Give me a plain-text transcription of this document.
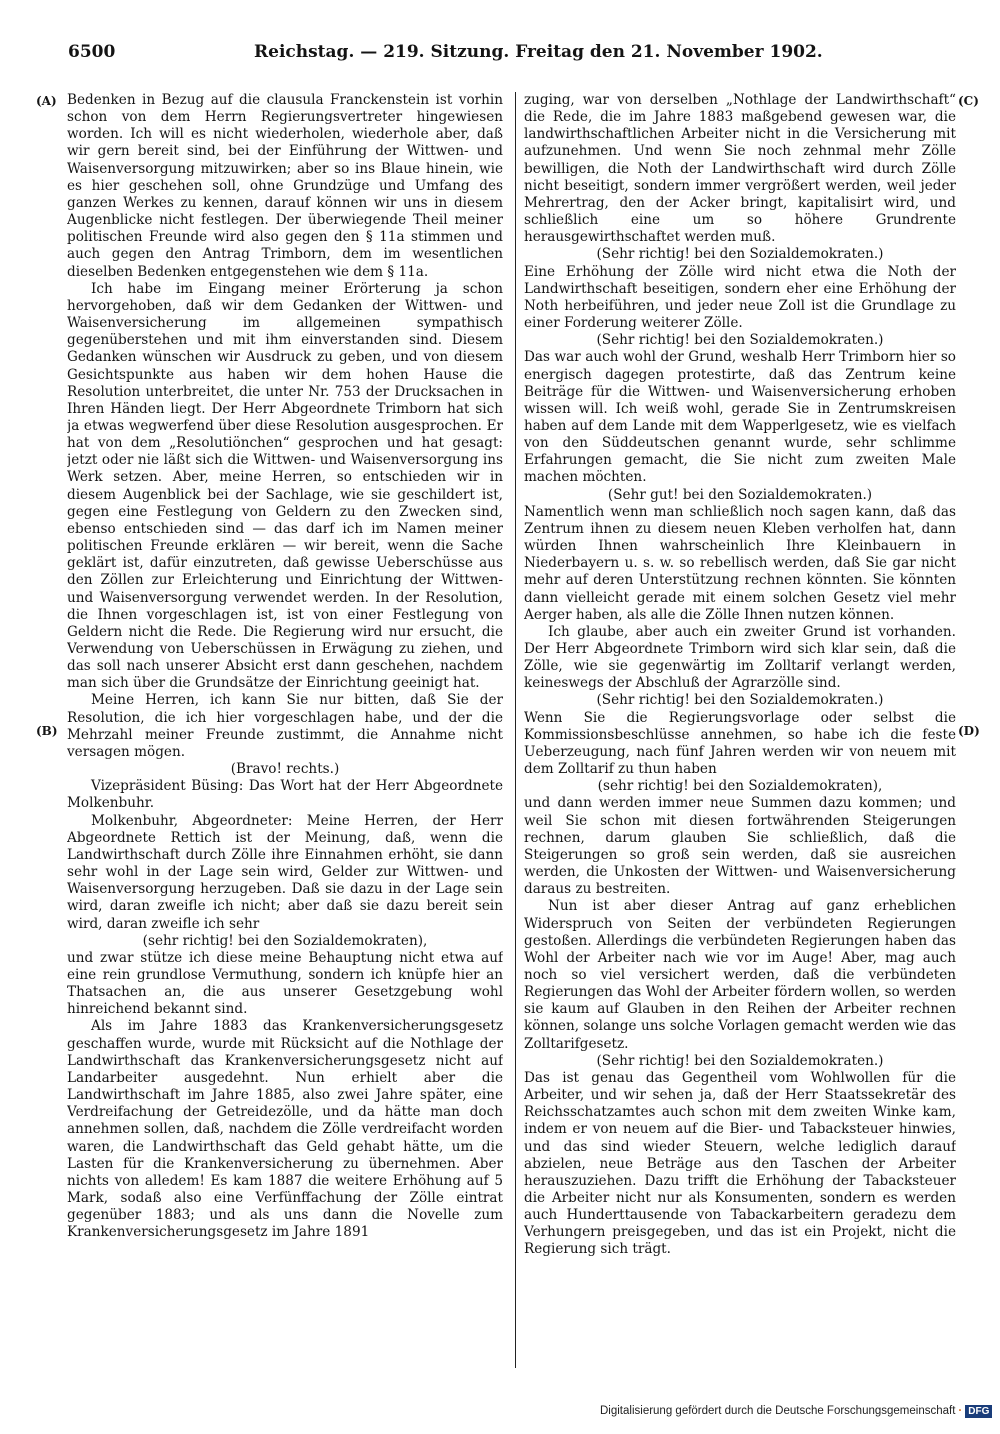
6500	Reichstag. — 219. Sitzung. Freitag den 21. November 1902.
(A)
(B)
(C)
(D)

Bedenken in Bezug auf die clausula Franckenstein ist vorhin schon von dem Herrn Regierungsvertreter hingewiesen worden. Ich will es nicht wiederholen, wiederhole aber, daß wir gern bereit sind, bei der Einführung der Wittwen- und Waisenversorgung mitzuwirken; aber so ins Blaue hinein, wie es hier geschehen soll, ohne Grundzüge und Umfang des ganzen Werkes zu kennen, darauf können wir uns in diesem Augenblicke nicht festlegen. Der überwiegende Theil meiner politischen Freunde wird also gegen den § 11a stimmen und auch gegen den Antrag Trimborn, dem im wesentlichen dieselben Bedenken entgegenstehen wie dem § 11a.

Ich habe im Eingang meiner Erörterung ja schon hervorgehoben, daß wir dem Gedanken der Wittwen- und Waisenversicherung im allgemeinen sympathisch gegenüberstehen und mit ihm einverstanden sind. Diesem Gedanken wünschen wir Ausdruck zu geben, und von diesem Gesichtspunkte aus haben wir dem hohen Hause die Resolution unterbreitet, die unter Nr. 753 der Drucksachen in Ihren Händen liegt. Der Herr Abgeordnete Trimborn hat sich ja etwas wegwerfend über diese Resolution ausgesprochen. Er hat von dem „Resolutiönchen“ gesprochen und hat gesagt: jetzt oder nie läßt sich die Wittwen- und Waisenversorgung ins Werk setzen. Aber, meine Herren, so entschieden wir in diesem Augenblick bei der Sachlage, wie sie geschildert ist, gegen eine Festlegung von Geldern zu den Zwecken sind, ebenso entschieden sind — das darf ich im Namen meiner politischen Freunde erklären — wir bereit, wenn die Sache geklärt ist, dafür einzutreten, daß gewisse Ueberschüsse aus den Zöllen zur Erleichterung und Einrichtung der Wittwen- und Waisenversorgung verwendet werden. In der Resolution, die Ihnen vorgeschlagen ist, ist von einer Festlegung von Geldern nicht die Rede. Die Regierung wird nur ersucht, die Verwendung von Ueberschüssen in Erwägung zu ziehen, und das soll nach unserer Absicht erst dann geschehen, nachdem man sich über die Grundsätze der Einrichtung geeinigt hat.

Meine Herren, ich kann Sie nur bitten, daß Sie der Resolution, die ich hier vorgeschlagen habe, und der die Mehrzahl meiner Freunde zustimmt, die Annahme nicht versagen mögen.

(Bravo! rechts.)

Vizepräsident Büsing: Das Wort hat der Herr Abgeordnete Molkenbuhr.

Molkenbuhr, Abgeordneter: Meine Herren, der Herr Abgeordnete Rettich ist der Meinung, daß, wenn die Landwirthschaft durch Zölle ihre Einnahmen erhöht, sie dann sehr wohl in der Lage sein wird, Gelder zur Wittwen- und Waisenversorgung herzugeben. Daß sie dazu in der Lage sein wird, daran zweifle ich nicht; aber daß sie dazu bereit sein wird, daran zweifle ich sehr

(sehr richtig! bei den Sozialdemokraten),

und zwar stütze ich diese meine Behauptung nicht etwa auf eine rein grundlose Vermuthung, sondern ich knüpfe hier an Thatsachen an, die aus unserer Gesetzgebung wohl hinreichend bekannt sind.

Als im Jahre 1883 das Krankenversicherungsgesetz geschaffen wurde, wurde mit Rücksicht auf die Nothlage der Landwirthschaft das Krankenversicherungsgesetz nicht auf Landarbeiter ausgedehnt. Nun erhielt aber die Landwirthschaft im Jahre 1885, also zwei Jahre später, eine Verdreifachung der Getreidezölle, und da hätte man doch annehmen sollen, daß, nachdem die Zölle verdreifacht worden waren, die Landwirthschaft das Geld gehabt hätte, um die Lasten für die Krankenversicherung zu übernehmen. Aber nichts von alledem! Es kam 1887 die weitere Erhöhung auf 5 Mark, sodaß also eine Verfünffachung der Zölle eintrat gegenüber 1883; und als uns dann die Novelle zum Krankenversicherungsgesetz im Jahre 1891

zuging, war von derselben „Nothlage der Landwirthschaft“ die Rede, die im Jahre 1883 maßgebend gewesen war, die landwirthschaftlichen Arbeiter nicht in die Versicherung mit aufzunehmen. Und wenn Sie noch zehnmal mehr Zölle bewilligen, die Noth der Landwirthschaft wird durch Zölle nicht beseitigt, sondern immer vergrößert werden, weil jeder Mehrertrag, den der Acker bringt, kapitalisirt wird, und schließlich eine um so höhere Grundrente herausgewirthschaftet werden muß.

(Sehr richtig! bei den Sozialdemokraten.)

Eine Erhöhung der Zölle wird nicht etwa die Noth der Landwirthschaft beseitigen, sondern eher eine Erhöhung der Noth herbeiführen, und jeder neue Zoll ist die Grundlage zu einer Forderung weiterer Zölle.

(Sehr richtig! bei den Sozialdemokraten.)

Das war auch wohl der Grund, weshalb Herr Trimborn hier so energisch dagegen protestirte, daß das Zentrum keine Beiträge für die Wittwen- und Waisenversicherung erhoben wissen will. Ich weiß wohl, gerade Sie in Zentrumskreisen haben auf dem Lande mit dem Wapperlgesetz, wie es vielfach von den Süddeutschen genannt wurde, sehr schlimme Erfahrungen gemacht, die Sie nicht zum zweiten Male machen möchten.

(Sehr gut! bei den Sozialdemokraten.)

Namentlich wenn man schließlich noch sagen kann, daß das Zentrum ihnen zu diesem neuen Kleben verholfen hat, dann würden Ihnen wahrscheinlich Ihre Kleinbauern in Niederbayern u. s. w. so rebellisch werden, daß Sie gar nicht mehr auf deren Unterstützung rechnen könnten. Sie könnten dann vielleicht gerade mit einem solchen Gesetz viel mehr Aerger haben, als alle die Zölle Ihnen nutzen können.

Ich glaube, aber auch ein zweiter Grund ist vorhanden. Der Herr Abgeordnete Trimborn wird sich klar sein, daß die Zölle, wie sie gegenwärtig im Zolltarif verlangt werden, keineswegs der Abschluß der Agrarzölle sind.

(Sehr richtig! bei den Sozialdemokraten.)

Wenn Sie die Regierungsvorlage oder selbst die Kommissionsbeschlüsse annehmen, so habe ich die feste Ueberzeugung, nach fünf Jahren werden wir von neuem mit dem Zolltarif zu thun haben

(sehr richtig! bei den Sozialdemokraten),

und dann werden immer neue Summen dazu kommen; und weil Sie schon mit diesen fortwährenden Steigerungen rechnen, darum glauben Sie schließlich, daß die Steigerungen so groß sein werden, daß sie ausreichen werden, die Unkosten der Wittwen- und Waisenversicherung daraus zu bestreiten.

Nun ist aber dieser Antrag auf ganz erheblichen Widerspruch von Seiten der verbündeten Regierungen gestoßen. Allerdings die verbündeten Regierungen haben das Wohl der Arbeiter nach wie vor im Auge! Aber, mag auch noch so viel versichert werden, daß die verbündeten Regierungen das Wohl der Arbeiter fördern wollen, so werden sie kaum auf Glauben in den Reihen der Arbeiter rechnen können, solange uns solche Vorlagen gemacht werden wie das Zolltarifgesetz.

(Sehr richtig! bei den Sozialdemokraten.)

Das ist genau das Gegentheil vom Wohlwollen für die Arbeiter, und wir sehen ja, daß der Herr Staatssekretär des Reichsschatzamtes auch schon mit dem zweiten Winke kam, indem er von neuem auf die Bier- und Tabacksteuer hinwies, und das sind wieder Steuern, welche lediglich darauf abzielen, neue Beträge aus den Taschen der Arbeiter herauszuziehen. Dazu trifft die Erhöhung der Tabacksteuer die Arbeiter nicht nur als Konsumenten, sondern es werden auch Hunderttausende von Tabackarbeitern geradezu dem Verhungern preisgegeben, und das ist ein Projekt, nicht die Regierung sich trägt.

Digitalisierung gefördert durch die Deutsche Forschungsgemeinschaft · DFG
